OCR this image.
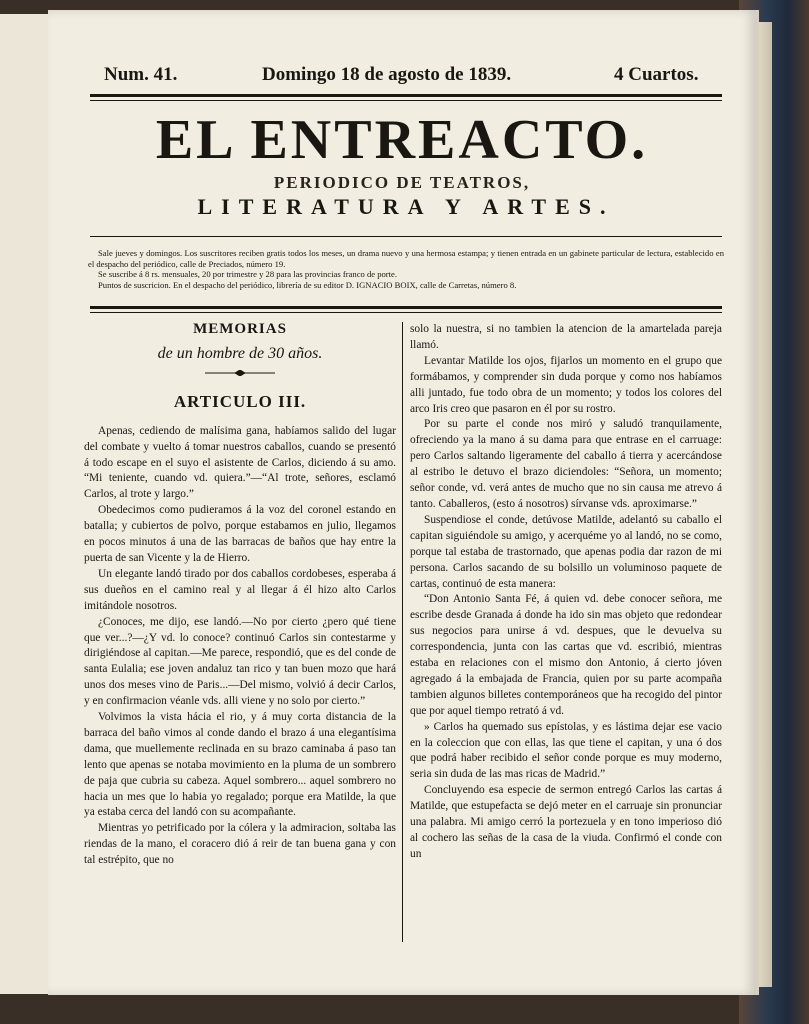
Num. 41.	Domingo 18 de agosto de 1839.	4 Cuartos.
EL ENTREACTO.
PERIODICO DE TEATROS,
LITERATURA Y ARTES.

Sale jueves y domingos. Los suscritores reciben gratis todos los meses, un drama nuevo y una hermosa estampa; y tienen entrada en un gabinete particular de lectura, establecido en el despacho del periódico, calle de Preciados, número 19.

Se suscribe á 8 rs. mensuales, 20 por trimestre y 28 para las provincias franco de porte.

Puntos de suscricion. En el despacho del periódico, librería de su editor D. IGNACIO BOIX, calle de Carretas, número 8.

MEMORIAS

de un hombre de 30 años.

ARTICULO III.

Apenas, cediendo de malísima gana, habíamos salido del lugar del combate y vuelto á tomar nuestros caballos, cuando se presentó á todo escape en el suyo el asistente de Carlos, diciendo á su amo. “Mi teniente, cuando vd. quiera.”—“Al trote, señores, esclamó Carlos, al trote y largo.”

Obedecimos como pudieramos á la voz del coronel estando en batalla; y cubiertos de polvo, porque estabamos en julio, llegamos en pocos minutos á una de las barracas de baños que hay entre la puerta de san Vicente y la de Hierro.

Un elegante landó tirado por dos caballos cordobeses, esperaba á sus dueños en el camino real y al llegar á él hizo alto Carlos imitándole nosotros.

¿Conoces, me dijo, ese landó.—No por cierto ¿pero qué tiene que ver...?—¿Y vd. lo conoce? continuó Carlos sin contestarme y dirigiéndose al capitan.—Me parece, respondió, que es del conde de santa Eulalia; ese joven andaluz tan rico y tan buen mozo que hará unos dos meses vino de Paris...—Del mismo, volvió á decir Carlos, y en confirmacion véanle vds. alli viene y no solo por cierto.”

Volvimos la vista hácia el rio, y á muy corta distancia de la barraca del baño vimos al conde dando el brazo á una elegantísima dama, que muellemente reclinada en su brazo caminaba á paso tan lento que apenas se notaba movimiento en la pluma de un sombrero de paja que cubria su cabeza. Aquel sombrero... aquel sombrero no hacia un mes que lo habia yo regalado; porque era Matilde, la que ya estaba cerca del landó con su acompañante.

Mientras yo petrificado por la cólera y la admiracion, soltaba las riendas de la mano, el coracero dió á reir de tan buena gana y con tal estrépito, que no

solo la nuestra, si no tambien la atencion de la amartelada pareja llamó.

Levantar Matilde los ojos, fijarlos un momento en el grupo que formábamos, y comprender sin duda porque y como nos habíamos alli juntado, fue todo obra de un momento; y todos los colores del arco Iris creo que pasaron en él por su rostro.

Por su parte el conde nos miró y saludó tranquilamente, ofreciendo ya la mano á su dama para que entrase en el carruage: pero Carlos saltando ligeramente del caballo á tierra y acercándose al estribo le detuvo el brazo diciendoles: “Señora, un momento; señor conde, vd. verá antes de mucho que no sin causa me atrevo á tanto. Caballeros, (esto á nosotros) sírvanse vds. aproximarse.”

Suspendiose el conde, detúvose Matilde, adelantó su caballo el capitan siguiéndole su amigo, y acerquéme yo al landó, no se como, porque tal estaba de trastornado, que apenas podia dar razon de mi persona. Carlos sacando de su bolsillo un voluminoso paquete de cartas, continuó de esta manera:

“Don Antonio Santa Fé, á quien vd. debe conocer señora, me escribe desde Granada á donde ha ido sin mas objeto que redondear sus negocios para unirse á vd. despues, que le devuelva su correspondencia, junta con las cartas que vd. escribió, mientras estaba en relaciones con el mismo don Antonio, á cierto jóven agregado á la embajada de Francia, quien por su parte acompaña tambien algunos billetes contemporáneos que ha recogido del pintor que por aquel tiempo retrató á vd.

» Carlos ha quemado sus epístolas, y es lástima dejar ese vacio en la coleccion que con ellas, las que tiene el capitan, y una ó dos que podrá haber recibido el señor conde porque es muy moderno, seria sin duda de las mas ricas de Madrid.”

Concluyendo esa especie de sermon entregó Carlos las cartas á Matilde, que estupefacta se dejó meter en el carruaje sin pronunciar una palabra. Mi amigo cerró la portezuela y en tono imperioso dió al cochero las señas de la casa de la viuda. Confirmó el conde con un
